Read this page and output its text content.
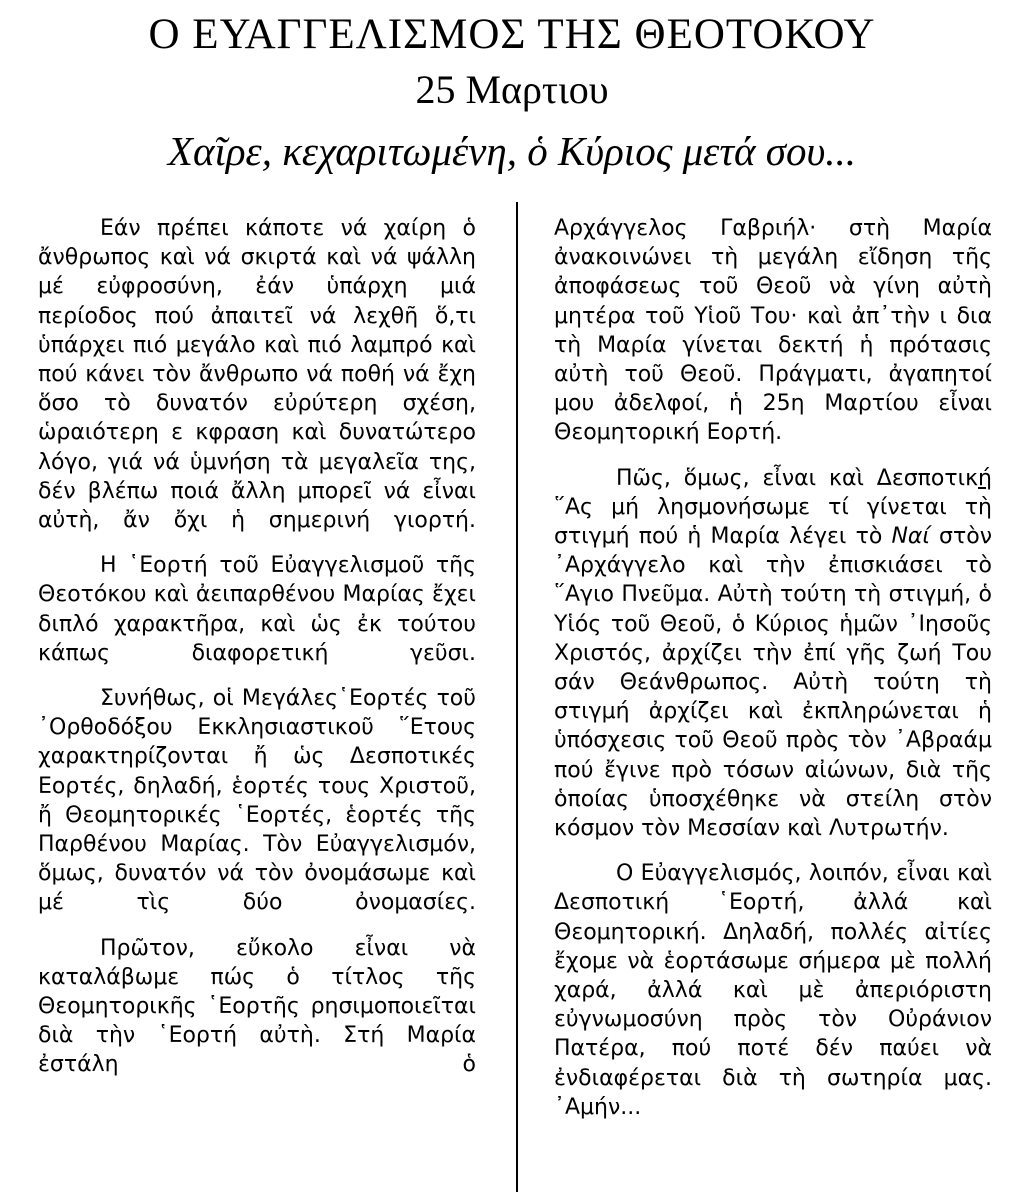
Ο ΕΥΑΓΓΕΛΙΣΜΟΣ ΤΗΣ ΘΕΟΤΟΚΟΥ
25 Μαρτιου
Χαῖρε, κεχαριτωμένη, ὁ Κύριος μετά σου...

Εάν πρέπει κάποτε νά χαίρη ὁ ἄνθρωπος καὶ νά σκιρτά καὶ νά ψάλλη μέ εὐφροσύνη, ἐάν ὑπάρχη μιά περίοδος πού ἀπαιτεῖ νά λεχθῆ ὅ,τι ὑπάρχει πιό μεγάλο καὶ πιό λαμπρό καὶ πού κάνει τὸν ἄνθρωπο νά ποθή νά ἔχη ὅσο τὸ δυνατόν εὐρύτερη σχέση, ὡραιότερη ε κφραση καὶ δυνατώτερο λόγο, γιά νά ὑμνήση τὰ μεγαλεῖα της, δέν βλέπω ποιά ἄλλη μπορεῖ νά εἶναι αὐτὴ, ἄν ὄχι ἡ σημερινή γιορτή.

Η ῾Εορτή τοῦ Εὐαγγελισμοῦ τῆς Θεοτόκου καὶ ἀειπαρθένου Μαρίας ἔχει διπλό χαρακτῆρα, καὶ ὡς ἐκ τούτου κάπως διαφορετική γεῦσι.

Συνήθως, οἱ Μεγάλες῾Εορτές τοῦ ᾿Ορθοδόξου Εκκλησιαστικοῦ ῞Ετους χαρακτηρίζονται ἤ ὡς Δεσποτικές Εορτές, δηλαδή, ἑορτές τους Χριστοῦ, ἤ Θεομητορικές ῾Εορτές, ἑορτές τῆς Παρθένου Μαρίας. Τὸν Εὐαγγελισμόν, ὅμως, δυνατόν νά τὸν ὀνομάσωμε καὶ μέ τὶς δύο ὀνομασίες.

Πρῶτον, εὔκολο εἶναι νὰ καταλάβωμε πώς ὁ τίτλος τῆς Θεομητορικῆς ῾Εορτῆς ρησιμοποιεῖται διὰ τὴν ῾Εορτή αὐτὴ. Στή Μαρία ἐστάλη ὁ

Αρχάγγελος Γαβριήλ· στὴ Μαρία ἀνακοινώνει τὴ μεγάλη εἴδηση τῆς ἀποφάσεως τοῦ Θεοῦ νὰ γίνη αὐτὴ μητέρα τοῦ Υἱοῦ Του· καὶ ἀπ᾿τὴν ι δια τὴ Μαρία γίνεται δεκτή ἡ πρότασις αὐτὴ τοῦ Θεοῦ. Πράγματι, ἀγαπητοί μου ἀδελφοί, ἡ 25η Μαρτίου εἶναι Θεομητορική Εορτή.

Πῶς, ὅμως, εἶναι καὶ Δεσποτική ῞Ας μή λησμονήσωμε τί γίνεται τὴ στιγμή πού ἡ Μαρία λέγει τὸ Ναί στὸν ᾿Αρχάγγελο καὶ τὴν ἐπισκιάσει τὸ ῞Αγιο Πνεῦμα. Αὐτὴ τούτη τὴ στιγμή, ὁ Υἱός τοῦ Θεοῦ, ὁ Κύριος ἡμῶν ᾿Ιησοῦς Χριστός, ἀρχίζει τὴν ἐπί γῆς ζωή Του σάν Θεάνθρωπος. Αὐτὴ τούτη τὴ στιγμή ἀρχίζει καὶ ἐκπληρώνεται ἡ ὑπόσχεσις τοῦ Θεοῦ πρὸς τὸν ᾿Αβραάμ πού ἔγινε πρὸ τόσων αἰώνων, διὰ τῆς ὁποίας ὑποσχέθηκε νὰ στείλη στὸν κόσμον τὸν Μεσσίαν καὶ Λυτρωτήν.

Ο Εὐαγγελισμός, λοιπόν, εἶναι καὶ Δεσποτική ῾Εορτή, ἀλλά καὶ Θεομητορική. Δηλαδή, πολλές αἰτίες ἔχομε νὰ ἑορτάσωμε σήμερα μὲ πολλή χαρά, ἀλλά καὶ μὲ ἀπεριόριστη εὐγνωμοσύνη πρὸς τὸν Οὐράνιον Πατέρα, πού ποτέ δέν παύει νὰ ἐνδιαφέρεται διὰ τὴ σωτηρία μας. ᾿Αμήν...
